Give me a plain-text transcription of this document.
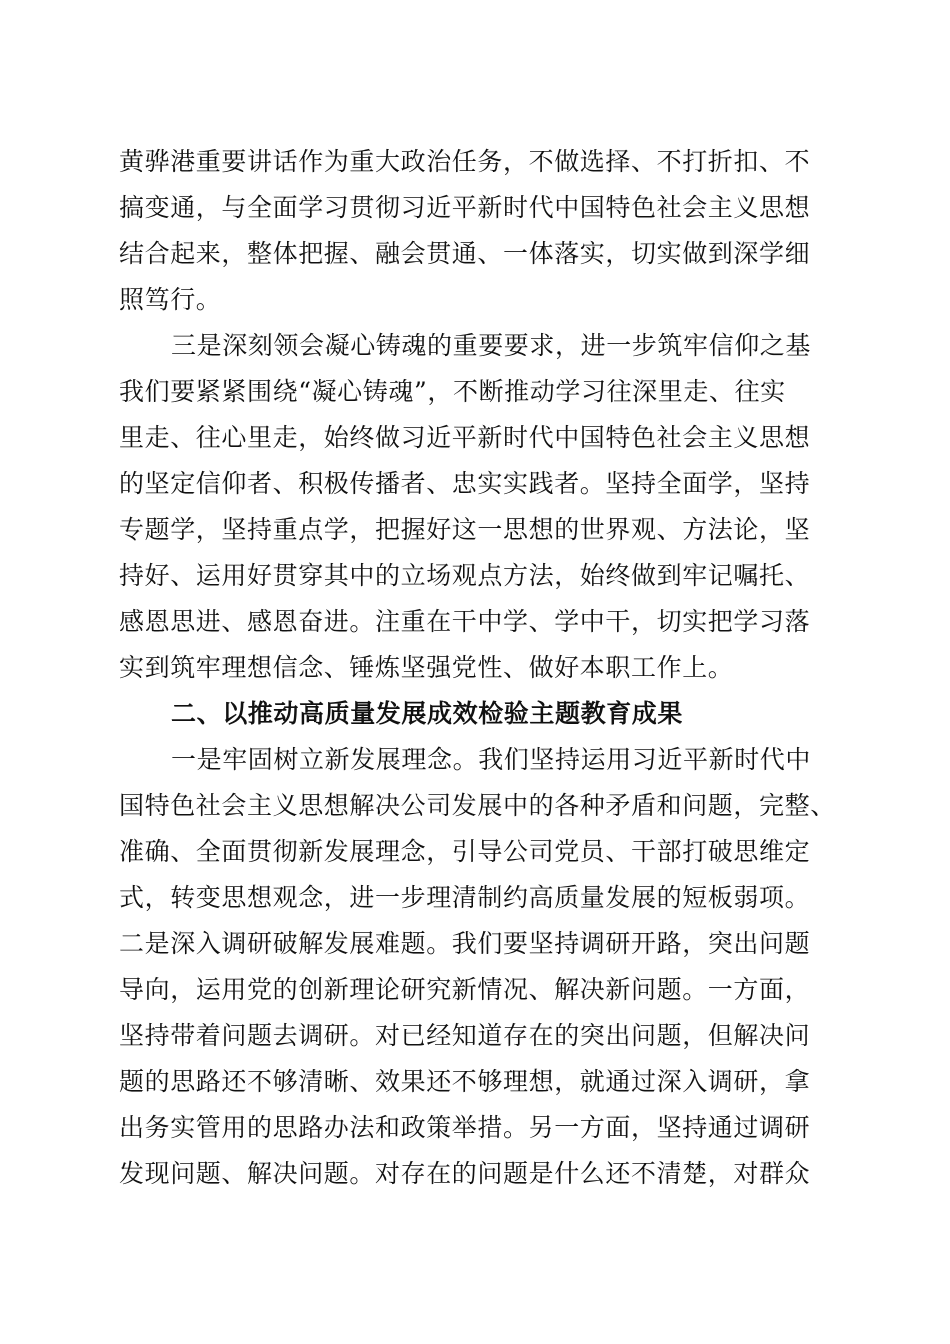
黄骅港重要讲话作为重大政治任务，不做选择、不打折扣、不
搞变通，与全面学习贯彻习近平新时代中国特色社会主义思想
结合起来，整体把握、融会贯通、一体落实，切实做到深学细
照笃行。
三是深刻领会凝心铸魂的重要要求，进一步筑牢信仰之基
我们要紧紧围绕“凝心铸魂”，不断推动学习往深里走、往实
里走、往心里走，始终做习近平新时代中国特色社会主义思想
的坚定信仰者、积极传播者、忠实实践者。坚持全面学，坚持
专题学，坚持重点学，把握好这一思想的世界观、方法论，坚
持好、运用好贯穿其中的立场观点方法，始终做到牢记嘱托、
感恩思进、感恩奋进。注重在干中学、学中干，切实把学习落
实到筑牢理想信念、锤炼坚强党性、做好本职工作上。
二、以推动高质量发展成效检验主题教育成果
一是牢固树立新发展理念。我们坚持运用习近平新时代中
国特色社会主义思想解决公司发展中的各种矛盾和问题，完整、
准确、全面贯彻新发展理念，引导公司党员、干部打破思维定
式，转变思想观念，进一步理清制约高质量发展的短板弱项。
二是深入调研破解发展难题。我们要坚持调研开路，突出问题
导向，运用党的创新理论研究新情况、解决新问题。一方面，
坚持带着问题去调研。对已经知道存在的突出问题，但解决问
题的思路还不够清晰、效果还不够理想，就通过深入调研，拿
出务实管用的思路办法和政策举措。另一方面，坚持通过调研
发现问题、解决问题。对存在的问题是什么还不清楚，对群众
